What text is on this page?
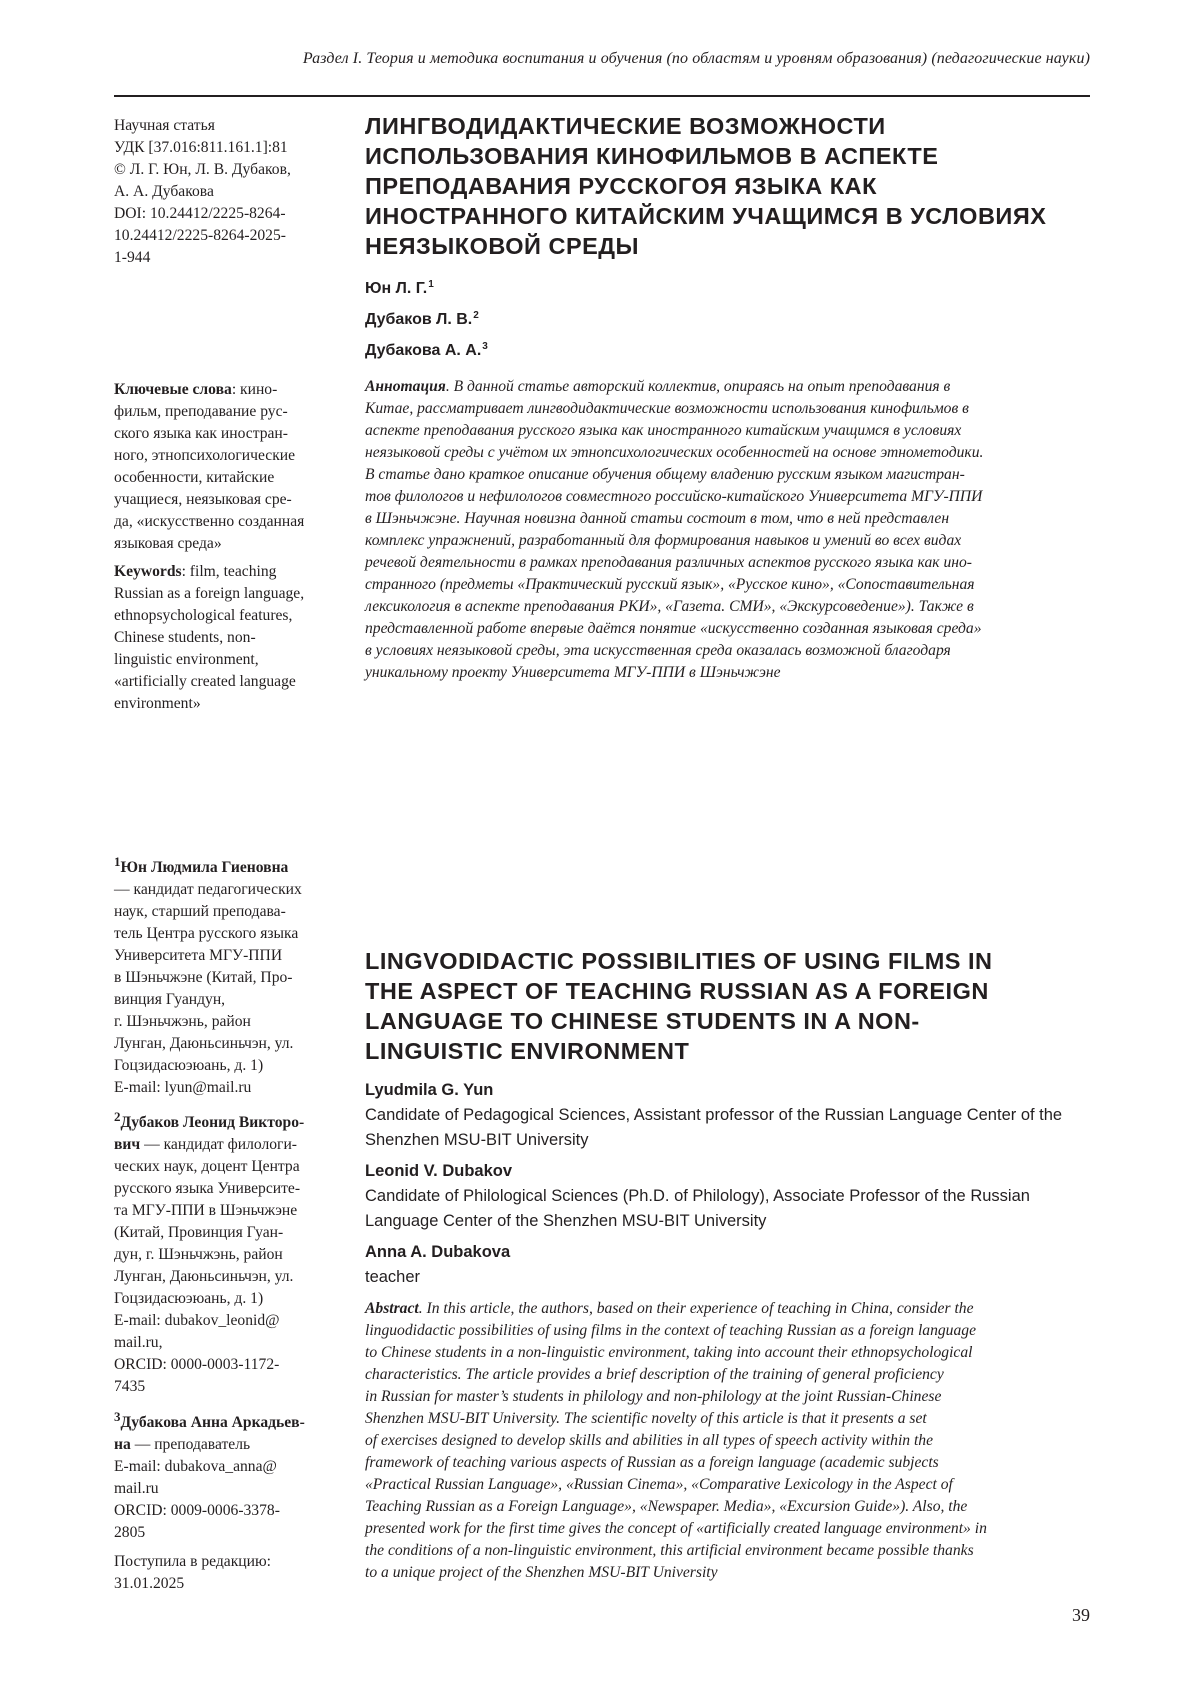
Раздел I. Теория и методика воспитания и обучения (по областям и уровням образования) (педагогические науки)
Научная статья
УДК [37.016:811.161.1]:81
© Л. Г. Юн, Л. В. Дубаков,
А. А. Дубакова
DOI: 10.24412/2225-8264-
10.24412/2225-8264-2025-
1-944

Ключевые слова: кино-
фильм, преподавание рус-
ского языка как иностран-
ного, этнопсихологические
особенности, китайские
учащиеся, неязыковая сре-
да, «искусственно созданная
языковая среда»

Keywords: film, teaching
Russian as a foreign language,
ethnopsychological features,
Chinese students, non-
linguistic environment,
«artificially created language
environment»

1Юн Людмила Гиеновна
— кандидат педагогических
наук, старший преподава-
тель Центра русского языка
Университета МГУ-ППИ
в Шэньчжэне (Китай, Про-
винция Гуандун,
г. Шэньчжэнь, район
Лунган, Даюньсиньчэн, ул.
Гоцзидасюэюань, д. 1)
E-mail: lyun@mail.ru

2Дубаков Леонид Викторо-
вич — кандидат филологи-
ческих наук, доцент Центра
русского языка Университе-
та МГУ-ППИ в Шэньчжэне
(Китай, Провинция Гуан-
дун, г. Шэньчжэнь, район
Лунган, Даюньсиньчэн, ул.
Гоцзидасюэюань, д. 1)
E-mail: dubakov_leonid@
mail.ru,
ORCID: 0000-0003-1172-
7435

3Дубакова Анна Аркадьев-
на — преподаватель
E-mail: dubakova_anna@
mail.ru
ORCID: 0009-0006-3378-
2805

Поступила в редакцию:
31.01.2025
ЛИНГВОДИДАКТИЧЕСКИЕ ВОЗМОЖНОСТИ
ИСПОЛЬЗОВАНИЯ КИНОФИЛЬМОВ В АСПЕКТЕ
ПРЕПОДАВАНИЯ РУССКОГОЯ ЯЗЫКА КАК
ИНОСТРАННОГО КИТАЙСКИМ УЧАЩИМСЯ В УСЛОВИЯХ
НЕЯЗЫКОВОЙ СРЕДЫ
Юн Л. Г.1
Дубаков Л. В.2
Дубакова А. А.3
Аннотация. В данной статье авторский коллектив, опираясь на опыт преподавания в
Китае, рассматривает лингводидактические возможности использования кинофильмов в
аспекте преподавания русского языка как иностранного китайским учащимся в условиях
неязыковой среды с учётом их этнопсихологических особенностей на основе этнометодики.
В статье дано краткое описание обучения общему владению русским языком магистран-
тов филологов и нефилологов совместного российско-китайского Университета МГУ-ППИ
в Шэньчжэне. Научная новизна данной статьи состоит в том, что в ней представлен
комплекс упражнений, разработанный для формирования навыков и умений во всех видах
речевой деятельности в рамках преподавания различных аспектов русского языка как ино-
странного (предметы «Практический русский язык», «Русское кино», «Сопоставительная
лексикология в аспекте преподавания РКИ», «Газета. СМИ», «Экскурсоведение»). Также в
представленной работе впервые даётся понятие «искусственно созданная языковая среда»
в условиях неязыковой среды, эта искусственная среда оказалась возможной благодаря
уникальному проекту Университета МГУ-ППИ в Шэньчжэне
LINGVODIDACTIC POSSIBILITIES OF USING FILMS IN
THE ASPECT OF TEACHING RUSSIAN AS A FOREIGN
LANGUAGE TO CHINESE STUDENTS IN A NON-
LINGUISTIC ENVIRONMENT
Lyudmila G. Yun
Candidate of Pedagogical Sciences, Assistant professor of the Russian Language Center of the
Shenzhen MSU-BIT University
Leonid V. Dubakov
Candidate of Philological Sciences (Ph.D. of Philology), Associate Professor of the Russian
Language Center of the Shenzhen MSU-BIT University
Anna A. Dubakova
teacher
Abstract. In this article, the authors, based on their experience of teaching in China, consider the
linguodidactic possibilities of using films in the context of teaching Russian as a foreign language
to Chinese students in a non-linguistic environment, taking into account their ethnopsychological
characteristics. The article provides a brief description of the training of general proficiency
in Russian for master’s students in philology and non-philology at the joint Russian-Chinese
Shenzhen MSU-BIT University. The scientific novelty of this article is that it presents a set
of exercises designed to develop skills and abilities in all types of speech activity within the
framework of teaching various aspects of Russian as a foreign language (academic subjects
«Practical Russian Language», «Russian Cinema», «Comparative Lexicology in the Aspect of
Teaching Russian as a Foreign Language», «Newspaper. Media», «Excursion Guide»). Also, the
presented work for the first time gives the concept of «artificially created language environment» in
the conditions of a non-linguistic environment, this artificial environment became possible thanks
to a unique project of the Shenzhen MSU-BIT University
39
